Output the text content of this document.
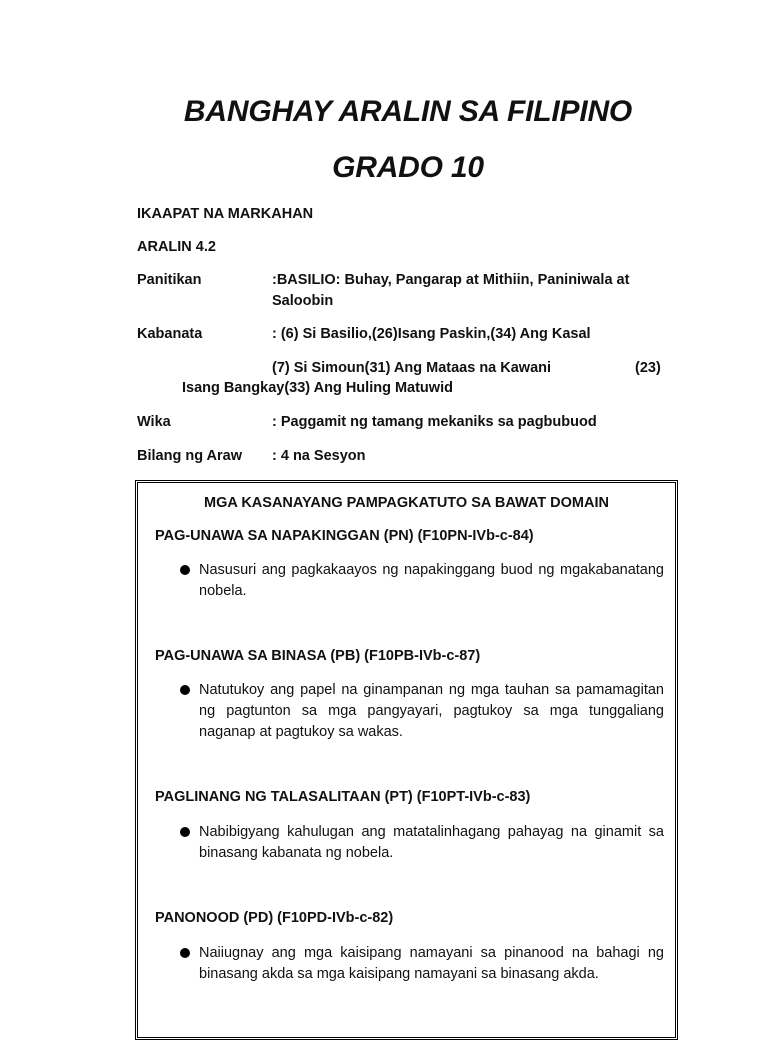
BANGHAY ARALIN SA FILIPINO
GRADO 10
IKAAPAT NA MARKAHAN
ARALIN 4.2
Panitikan	:BASILIO: Buhay, Pangarap at Mithiin, Paniniwala at
Saloobin
Kabanata	: (6) Si Basilio,(26)Isang Paskin,(34) Ang Kasal
(7) Si Simoun(31) Ang Mataas na Kawani	(23)
Isang Bangkay(33) Ang Huling Matuwid
Wika	: Paggamit ng tamang mekaniks sa pagbubuod
Bilang ng Araw : 4 na Sesyon
MGA KASANAYANG PAMPAGKATUTO SA BAWAT DOMAIN
PAG-UNAWA SA NAPAKINGGAN (PN) (F10PN-IVb-c-84)
Nasusuri ang pagkakaayos ng napakinggang buod ng mgakabanatang nobela.
PAG-UNAWA SA BINASA (PB) (F10PB-IVb-c-87)
Natutukoy ang papel na ginampanan ng mga tauhan sa pamamagitan ng pagtunton sa mga pangyayari, pagtukoy sa mga tunggaliang naganap at pagtukoy sa wakas.
PAGLINANG NG TALASALITAAN (PT) (F10PT-IVb-c-83)
Nabibigyang kahulugan ang matatalinhagang pahayag na ginamit sa binasang kabanata ng nobela.
PANONOOD (PD) (F10PD-IVb-c-82)
Naiiugnay ang mga kaisipang namayani sa pinanood na bahagi ng binasang akda sa mga kaisipang namayani sa binasang akda.
